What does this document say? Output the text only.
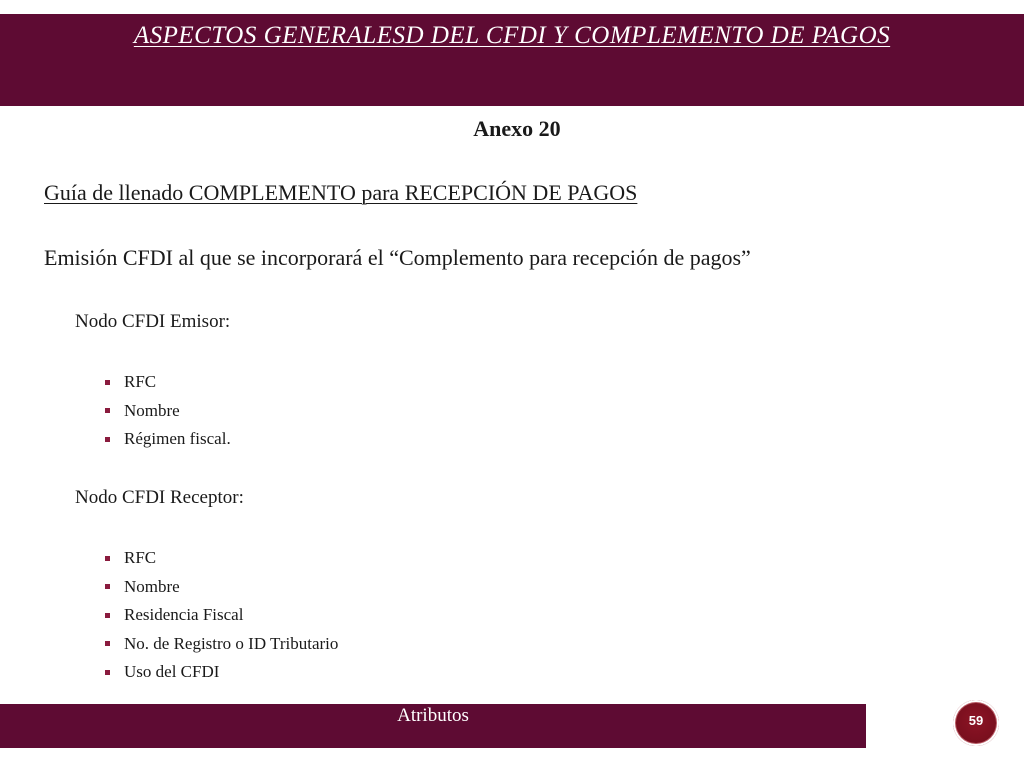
ASPECTOS GENERALESD DEL CFDI Y COMPLEMENTO DE PAGOS
Anexo 20
Guía de llenado COMPLEMENTO para RECEPCIÓN DE PAGOS
Emisión CFDI al que se incorporará el “Complemento para recepción de pagos”
Nodo CFDI Emisor:
RFC
Nombre
Régimen fiscal.
Nodo CFDI Receptor:
RFC
Nombre
Residencia Fiscal
No. de Registro o ID Tributario
Uso del CFDI
Atributos	59
